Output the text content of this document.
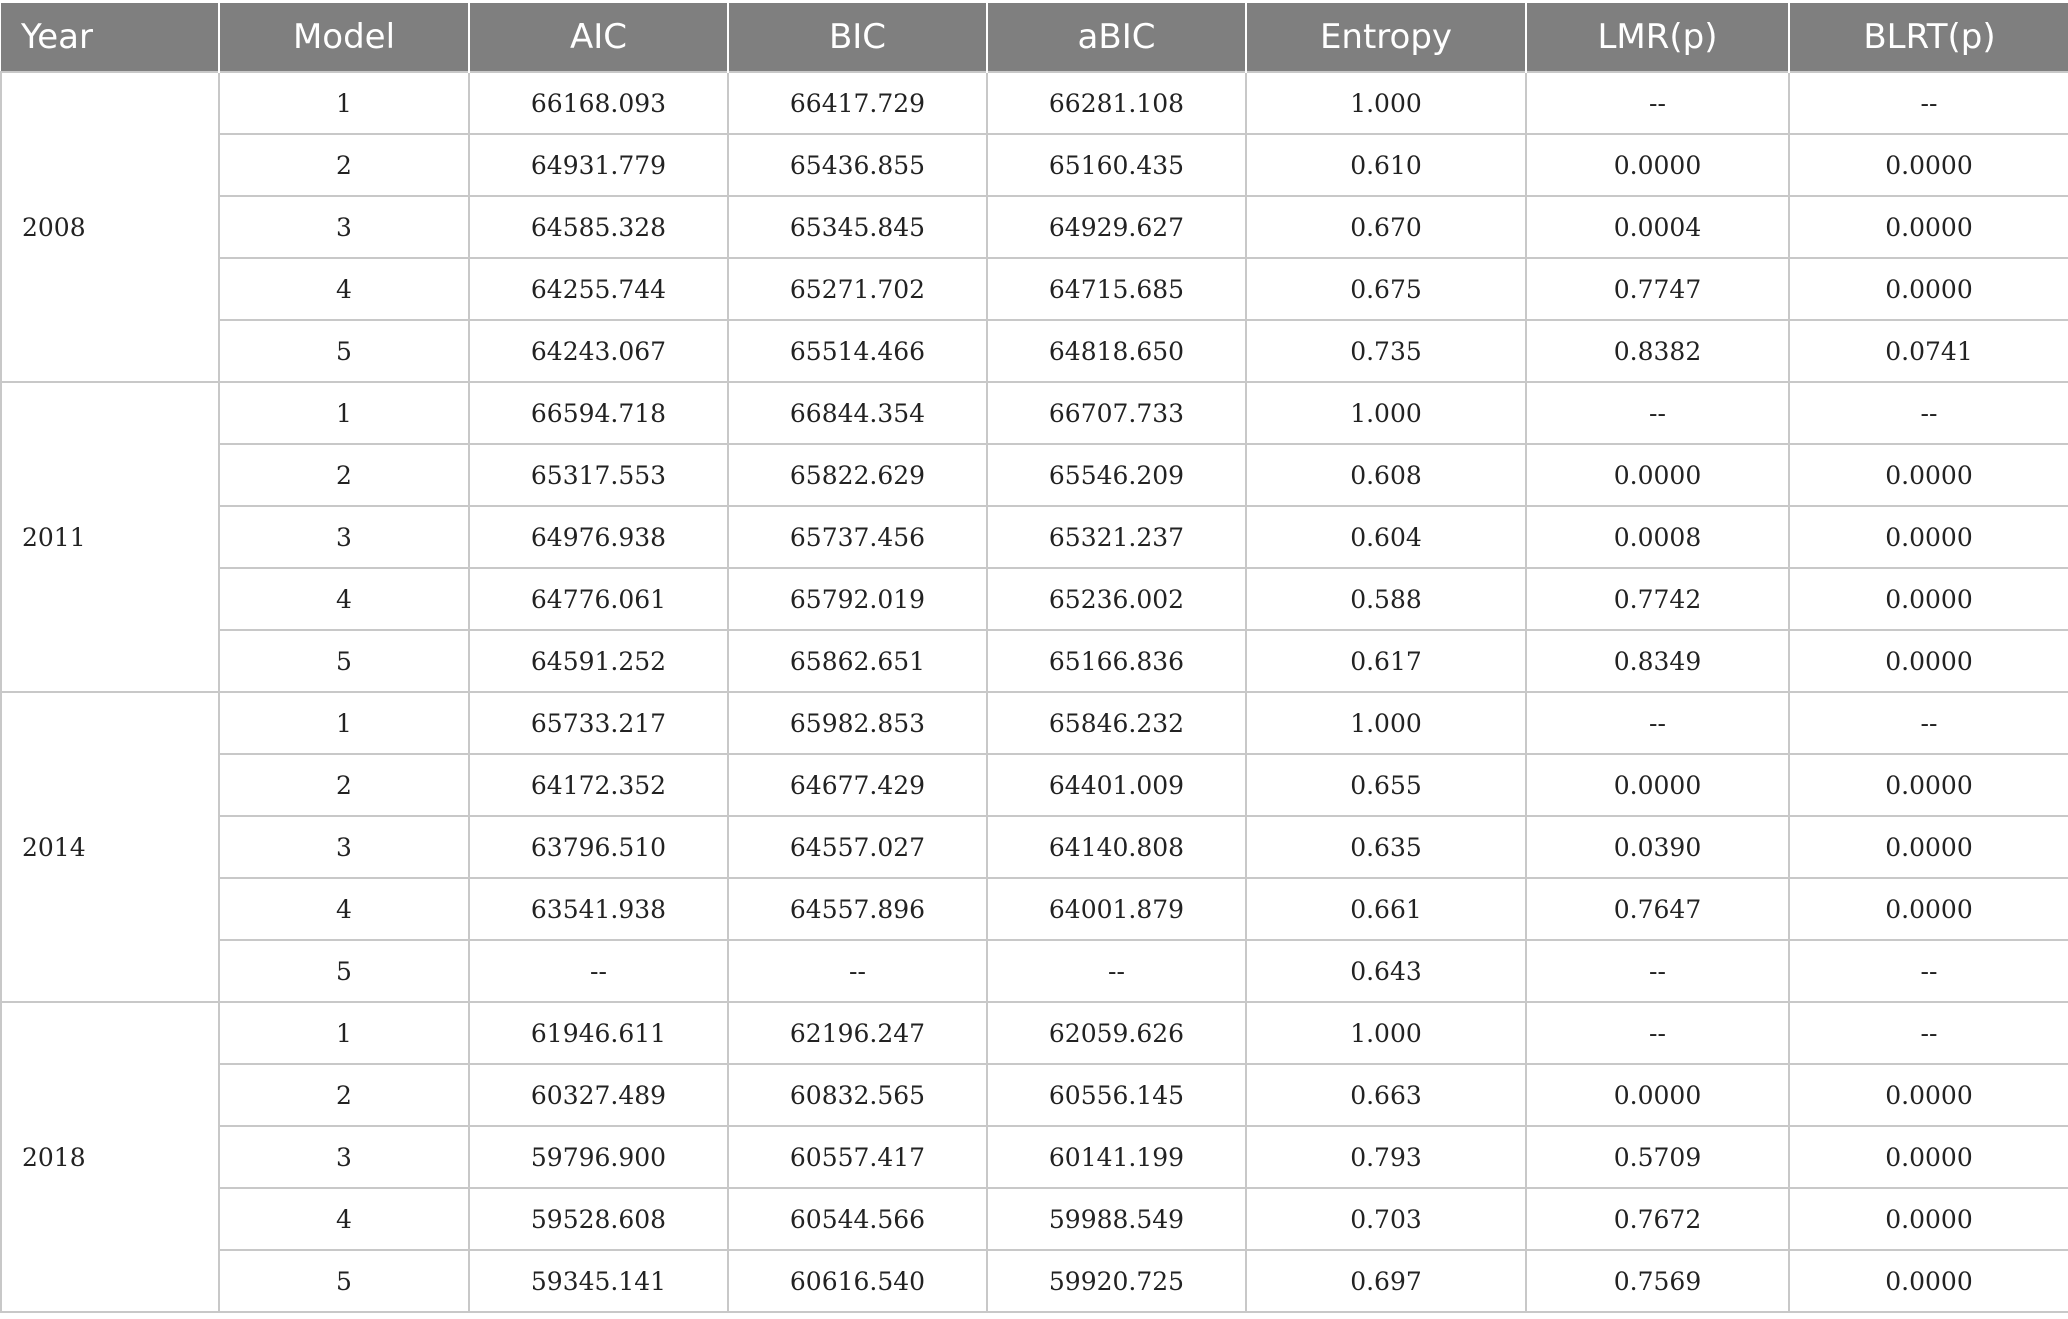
Year	Model	AIC	BIC	aBIC	Entropy	LMR(p)	BLRT(p)
2008	1	66168.093	66417.729	66281.108	1.000	--	--
	2	64931.779	65436.855	65160.435	0.610	0.0000	0.0000
	3	64585.328	65345.845	64929.627	0.670	0.0004	0.0000
	4	64255.744	65271.702	64715.685	0.675	0.7747	0.0000
	5	64243.067	65514.466	64818.650	0.735	0.8382	0.0741
2011	1	66594.718	66844.354	66707.733	1.000	--	--
	2	65317.553	65822.629	65546.209	0.608	0.0000	0.0000
	3	64976.938	65737.456	65321.237	0.604	0.0008	0.0000
	4	64776.061	65792.019	65236.002	0.588	0.7742	0.0000
	5	64591.252	65862.651	65166.836	0.617	0.8349	0.0000
2014	1	65733.217	65982.853	65846.232	1.000	--	--
	2	64172.352	64677.429	64401.009	0.655	0.0000	0.0000
	3	63796.510	64557.027	64140.808	0.635	0.0390	0.0000
	4	63541.938	64557.896	64001.879	0.661	0.7647	0.0000
	5	--	--	--	0.643	--	--
2018	1	61946.611	62196.247	62059.626	1.000	--	--
	2	60327.489	60832.565	60556.145	0.663	0.0000	0.0000
	3	59796.900	60557.417	60141.199	0.793	0.5709	0.0000
	4	59528.608	60544.566	59988.549	0.703	0.7672	0.0000
	5	59345.141	60616.540	59920.725	0.697	0.7569	0.0000
